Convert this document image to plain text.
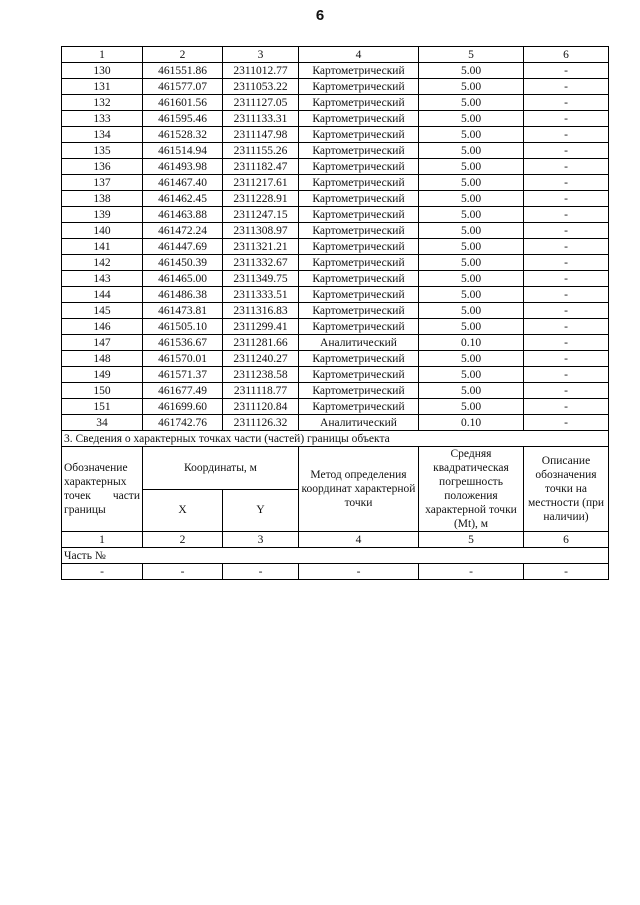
6
1	2	3	4	5	6
130	461551.86	2311012.77	Картометрический	5.00	-
131	461577.07	2311053.22	Картометрический	5.00	-
132	461601.56	2311127.05	Картометрический	5.00	-
133	461595.46	2311133.31	Картометрический	5.00	-
134	461528.32	2311147.98	Картометрический	5.00	-
135	461514.94	2311155.26	Картометрический	5.00	-
136	461493.98	2311182.47	Картометрический	5.00	-
137	461467.40	2311217.61	Картометрический	5.00	-
138	461462.45	2311228.91	Картометрический	5.00	-
139	461463.88	2311247.15	Картометрический	5.00	-
140	461472.24	2311308.97	Картометрический	5.00	-
141	461447.69	2311321.21	Картометрический	5.00	-
142	461450.39	2311332.67	Картометрический	5.00	-
143	461465.00	2311349.75	Картометрический	5.00	-
144	461486.38	2311333.51	Картометрический	5.00	-
145	461473.81	2311316.83	Картометрический	5.00	-
146	461505.10	2311299.41	Картометрический	5.00	-
147	461536.67	2311281.66	Аналитический	0.10	-
148	461570.01	2311240.27	Картометрический	5.00	-
149	461571.37	2311238.58	Картометрический	5.00	-
150	461677.49	2311118.77	Картометрический	5.00	-
151	461699.60	2311120.84	Картометрический	5.00	-
34	461742.76	2311126.32	Аналитический	0.10	-
3. Сведения о характерных точках части (частей) границы объекта					
Обозначение характерных точек части границы	Координаты, м		Метод определения координат характерной точки	Средняя квадратическая погрешность положения характерной точки (Mt), м	Описание обозначения точки на местности (при наличии)
	X	Y			
1	2	3	4	5	6
Часть №					
-	-	-	-	-	-
